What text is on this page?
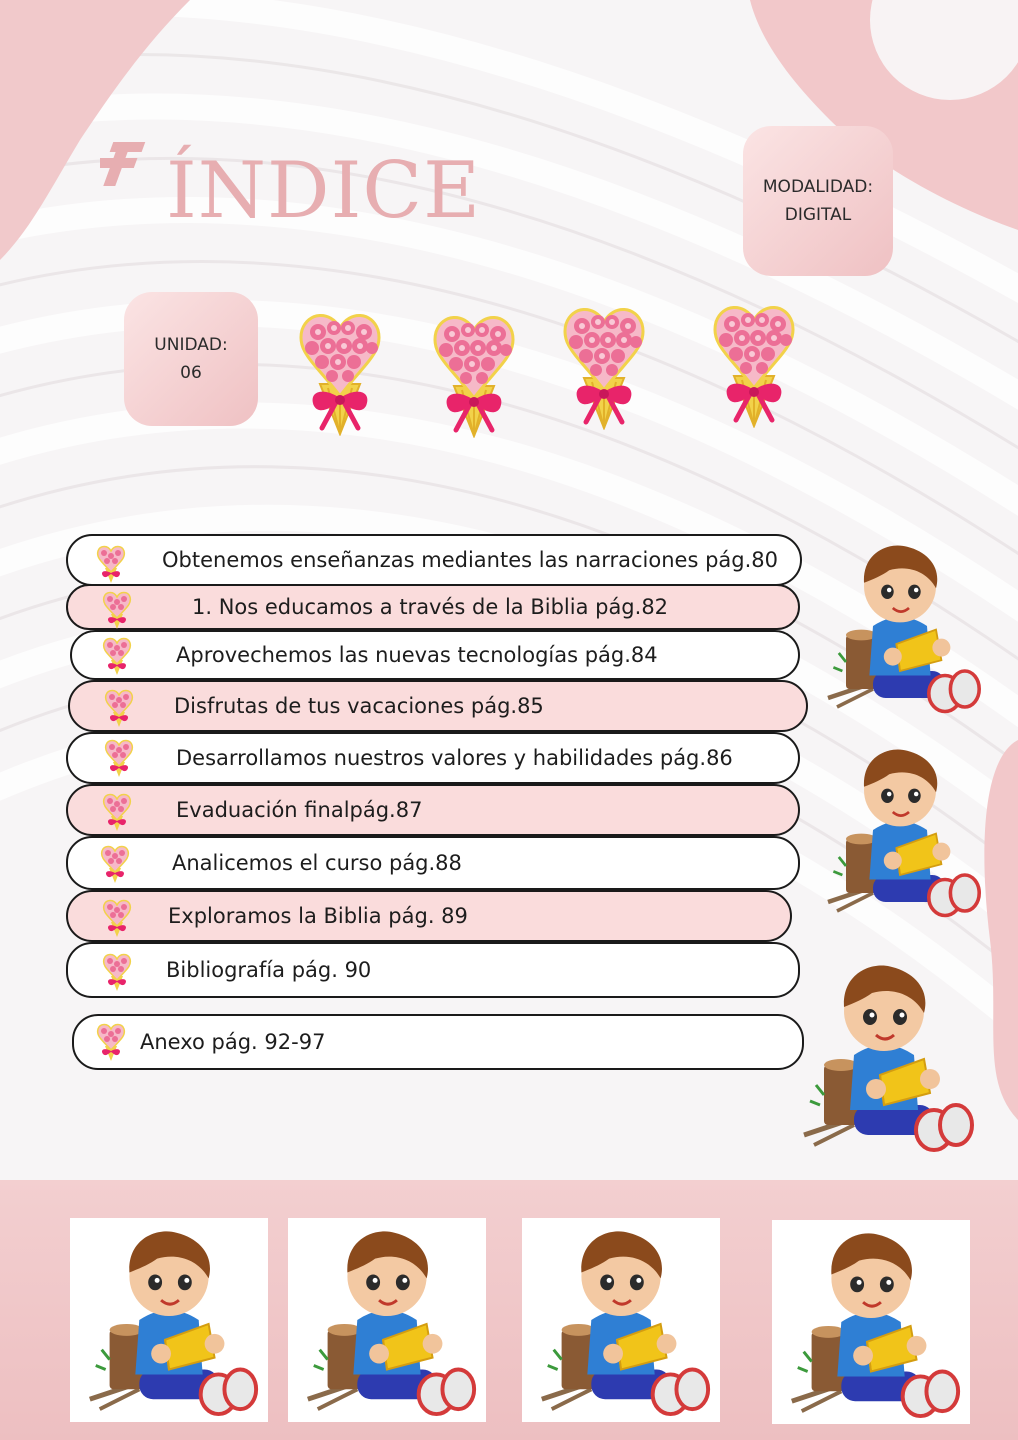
ÍNDICE	MODALIDAD:
DIGITAL
UNIDAD:
06
Obtenemos enseñanzas mediantes las narraciones pág.80
1. Nos educamos a través de la Biblia pág.82
Aprovechemos las nuevas tecnologías pág.84
Disfrutas de tus vacaciones pág.85
Desarrollamos nuestros valores y habilidades pág.86
Evaduación finalpág.87
Analicemos el curso pág.88
Exploramos la Biblia pág. 89
Bibliografía pág. 90
Anexo pág. 92-97
